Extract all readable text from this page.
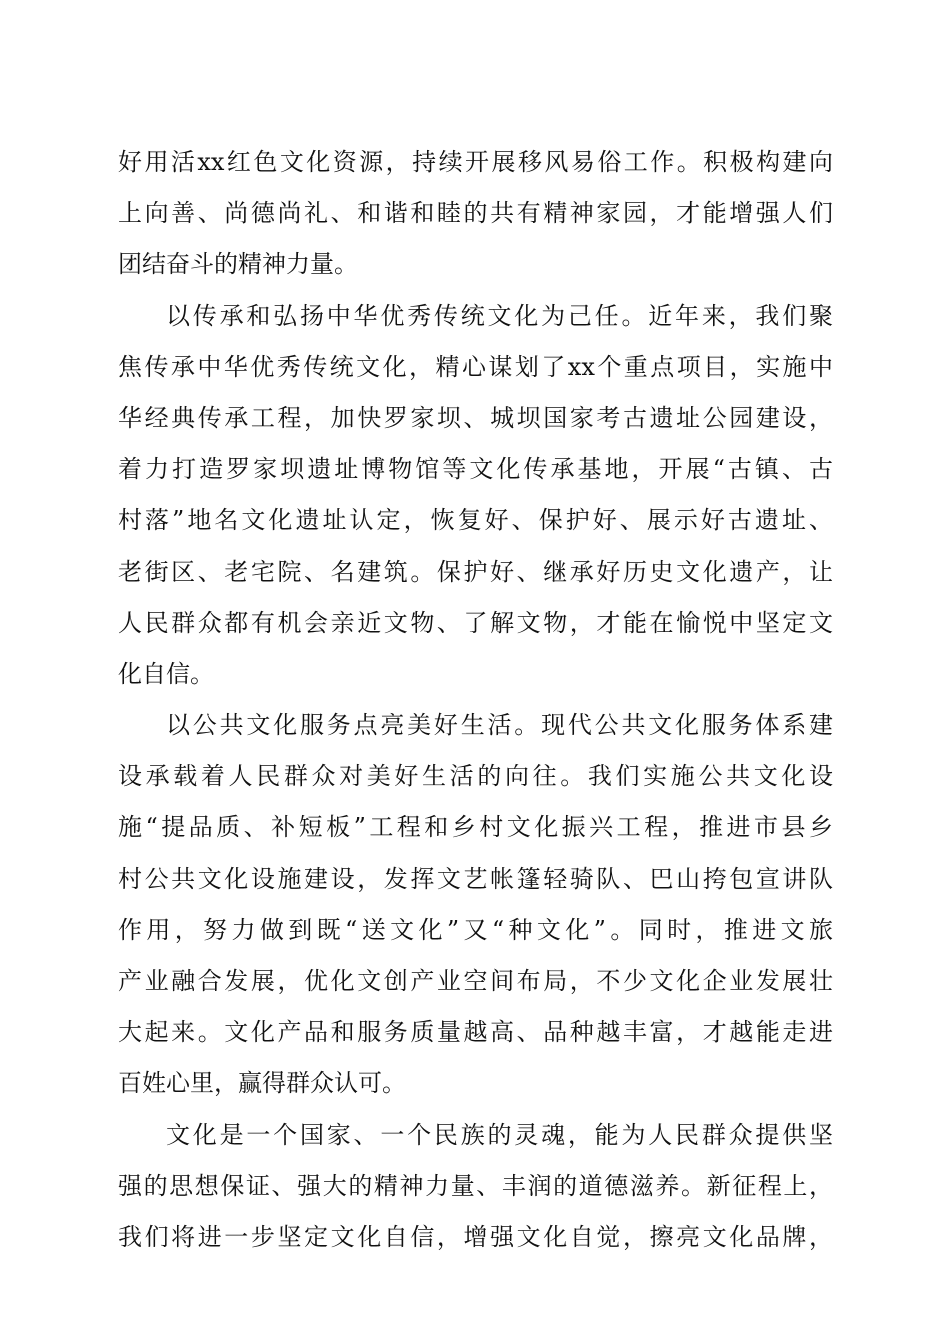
好用活xx红色文化资源，持续开展移风易俗工作。积极构建向
上向善、尚德尚礼、和谐和睦的共有精神家园，才能增强人们
团结奋斗的精神力量。
以传承和弘扬中华优秀传统文化为己任。近年来，我们聚
焦传承中华优秀传统文化，精心谋划了xx个重点项目，实施中
华经典传承工程，加快罗家坝、城坝国家考古遗址公园建设，
着力打造罗家坝遗址博物馆等文化传承基地，开展“古镇、古
村落”地名文化遗址认定，恢复好、保护好、展示好古遗址、
老街区、老宅院、名建筑。保护好、继承好历史文化遗产，让
人民群众都有机会亲近文物、了解文物，才能在愉悦中坚定文
化自信。
以公共文化服务点亮美好生活。现代公共文化服务体系建
设承载着人民群众对美好生活的向往。我们实施公共文化设
施“提品质、补短板”工程和乡村文化振兴工程，推进市县乡
村公共文化设施建设，发挥文艺帐篷轻骑队、巴山挎包宣讲队
作用，努力做到既“送文化”又“种文化”。同时，推进文旅
产业融合发展，优化文创产业空间布局，不少文化企业发展壮
大起来。文化产品和服务质量越高、品种越丰富，才越能走进
百姓心里，赢得群众认可。
文化是一个国家、一个民族的灵魂，能为人民群众提供坚
强的思想保证、强大的精神力量、丰润的道德滋养。新征程上，
我们将进一步坚定文化自信，增强文化自觉，擦亮文化品牌，
